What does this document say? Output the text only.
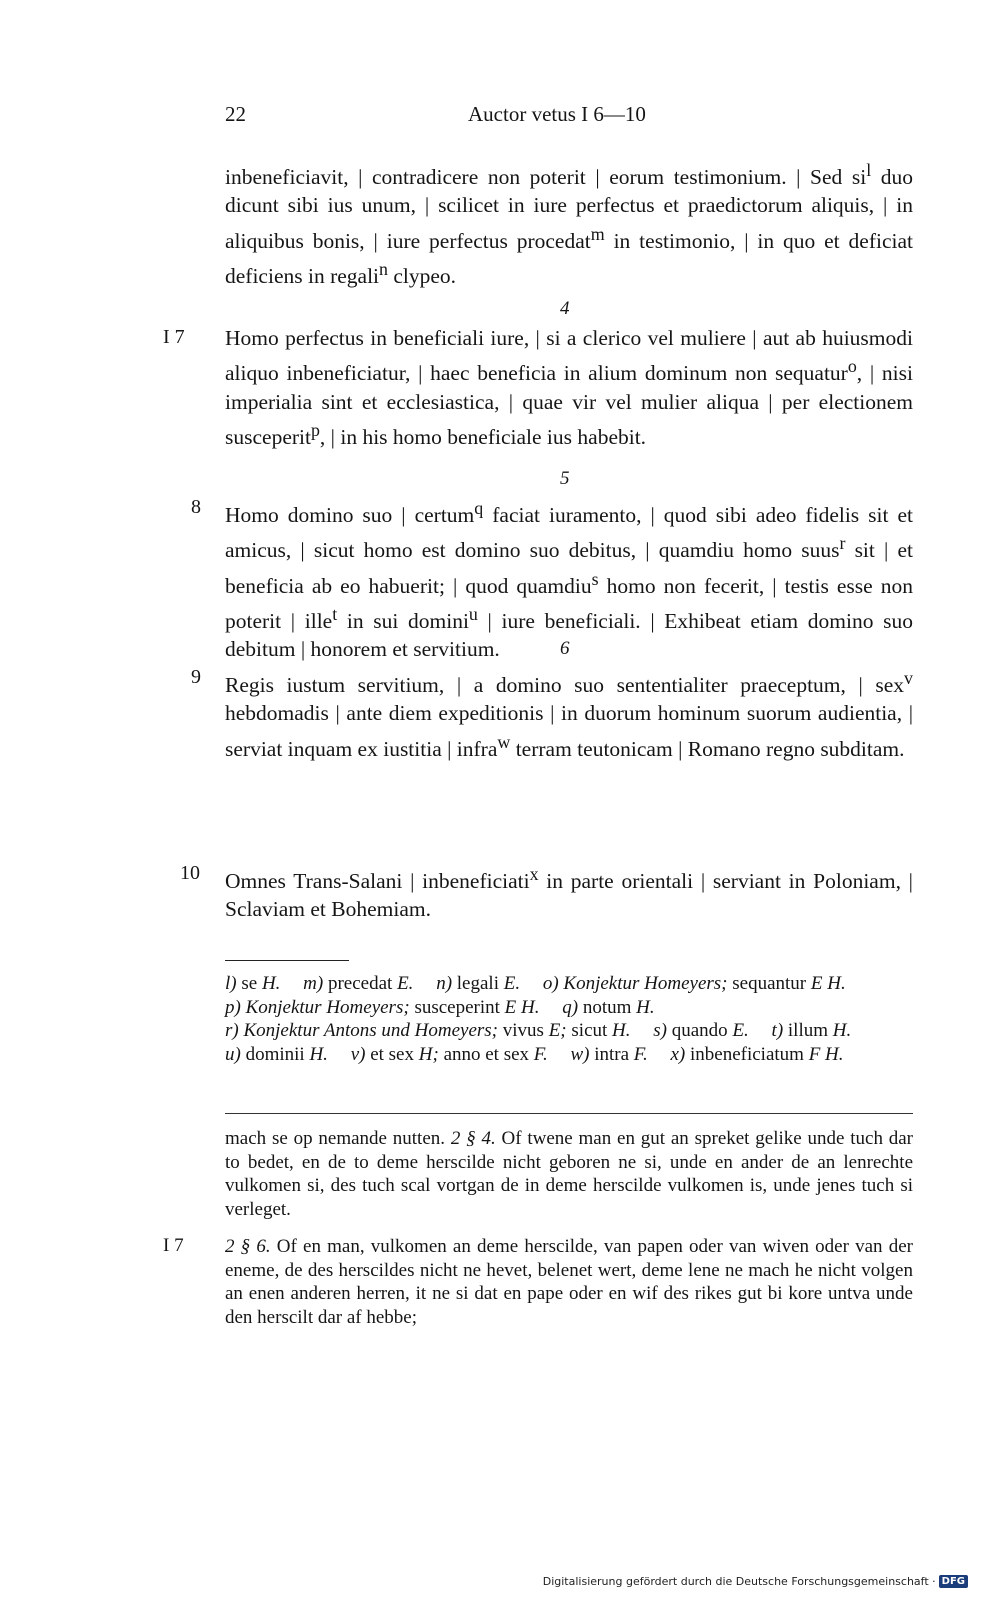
22	Auctor vetus I 6—10

inbeneficiavit, | contradicere non poterit | eorum testimonium. | Sed $si^l$ duo dicunt sibi ius unum, | scilicet in iure perfectus et praedictorum aliquis, | in aliquibus bonis, | iure perfectus procedat$^m$ in testimonio, | in quo et deficiat deficiens in regali$^n$ clypeo.

4
I 7 Homo perfectus in beneficiali iure, | si a clerico vel muliere | aut ab huiusmodi aliquo inbeneficiatur, | haec beneficia in alium dominum non sequatur$^o$, | nisi imperialia sint et ecclesiastica, | quae vir vel mulier aliqua | per electionem susceperit$^p$, | in his homo beneficiale ius habebit.

5
8 Homo domino suo | certum$^q$ faciat iuramento, | quod sibi adeo fidelis sit et amicus, | sicut homo est domino suo debitus, | quamdiu homo suus$^r$ sit | et beneficia ab eo habuerit; | quod quamdiu$^s$ homo non fecerit, | testis esse non poterit | ille$^t$ in sui domini$^u$ | iure beneficiali. | Exhibeat etiam domino suo debitum | honorem et servitium.	6
9 Regis iustum servitium, | a domino suo sententialiter praeceptum, | sex$^v$ hebdomadis | ante diem expeditionis | in duorum hominum suorum audientia, | serviat inquam ex iustitia | infra$^w$ terram teutonicam | Romano regno subditam.

10 Omnes Trans-Salani | inbeneficiati$^x$ in parte orientali | serviant in Poloniam, | Sclaviam et Bohemiam.

l) se H. m) precedat E. n) legali E. o) Konjektur Homeyers; sequantur E H. p) Konjektur Homeyers; susceperint E H. q) notum H. r) Konjektur Antons und Homeyers; vivus E; sicut H. s) quando E. t) illum H. u) dominii H. v) et sex H; anno et sex F. w) intra F. x) inbeneficiatum F H.

mach se op nemande nutten. 2 § 4. Of twene man en gut an spreket gelike unde tuch dar to bedet, en de to deme herscilde nicht geboren ne si, unde en ander de an lenrechte vulkomen si, des tuch scal vortgan de in deme herscilde vulkomen is, unde jenes tuch si verleget.

I 7 2 § 6. Of en man, vulkomen an deme herscilde, van papen oder van wiven oder van der eneme, de des herscildes nicht ne hevet, belenet wert, deme lene ne mach he nicht volgen an enen anderen herren, it ne si dat en pape oder en wif des rikes gut bi kore untva unde den herscilt dar af hebbe;

Digitalisierung gefördert durch die Deutsche Forschungsgemeinschaft · DFG
